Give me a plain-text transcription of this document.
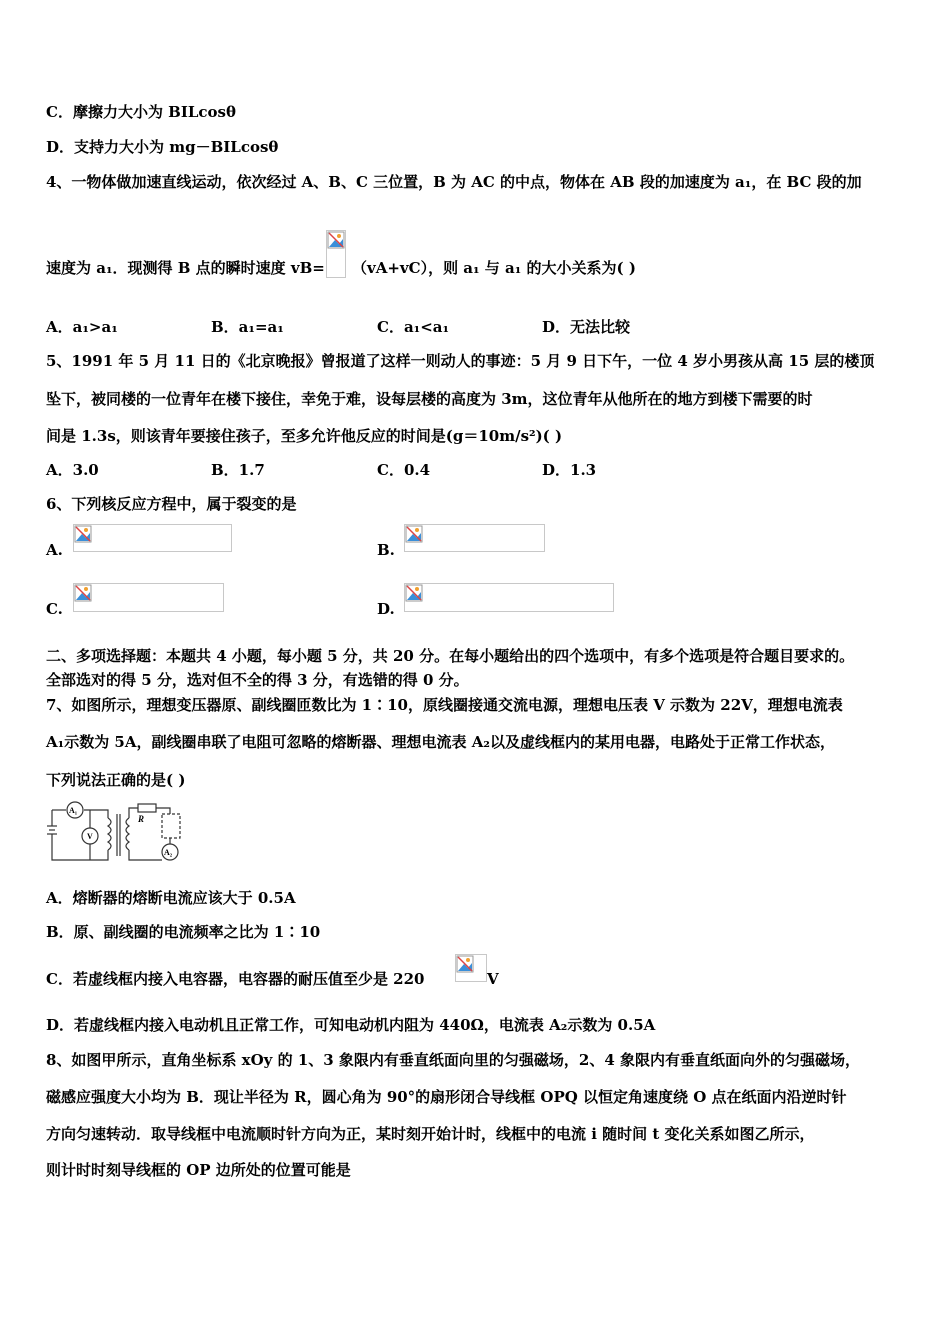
C．摩擦力大小为 BILcosθ
D．支持力大小为 mg－BILcosθ
4、一物体做加速直线运动，依次经过 A、B、C 三位置，B 为 AC 的中点，物体在 AB 段的加速度为 a₁，在 BC 段的加
速度为 a₁．现测得 B 点的瞬时速度 vB= （vA+vC），则 a₁ 与 a₁ 的大小关系为( )
A．a₁>a₁	B．a₁=a₁	C．a₁<a₁	D．无法比较
5、1991 年 5 月 11 日的《北京晚报》曾报道了这样一则动人的事迹：5 月 9 日下午，一位 4 岁小男孩从高 15 层的楼顶
坠下，被同楼的一位青年在楼下接住，幸免于难，设每层楼的高度为 3m，这位青年从他所在的地方到楼下需要的时
间是 1.3s，则该青年要接住孩子，至多允许他反应的时间是(g＝10m/s²)( )
A．3.0	B．1.7	C．0.4	D．1.3
6、下列核反应方程中，属于裂变的是
A.	B.
C.	D.
二、多项选择题：本题共 4 小题，每小题 5 分，共 20 分。在每小题给出的四个选项中，有多个选项是符合题目要求的。
全部选对的得 5 分，选对但不全的得 3 分，有选错的得 0 分。
7、如图所示，理想变压器原、副线圈匝数比为 1∶10，原线圈接通交流电源，理想电压表 V 示数为 22V，理想电流表
A₁示数为 5A，副线圈串联了电阻可忽略的熔断器、理想电流表 A₂以及虚线框内的某用电器，电路处于正常工作状态，
下列说法正确的是( )
A₁
V
R
A₂
A．熔断器的熔断电流应该大于 0.5A
B．原、副线圈的电流频率之比为 1∶10
C．若虚线框内接入电容器，电容器的耐压值至少是 220	V
D．若虚线框内接入电动机且正常工作，可知电动机内阻为 440Ω，电流表 A₂示数为 0.5A
8、如图甲所示，直角坐标系 xOy 的 1、3 象限内有垂直纸面向里的匀强磁场，2、4 象限内有垂直纸面向外的匀强磁场，
磁感应强度大小均为 B．现让半径为 R，圆心角为 90°的扇形闭合导线框 OPQ 以恒定角速度绕 O 点在纸面内沿逆时针
方向匀速转动．取导线框中电流顺时针方向为正，某时刻开始计时，线框中的电流 i 随时间 t 变化关系如图乙所示，
则计时时刻导线框的 OP 边所处的位置可能是
